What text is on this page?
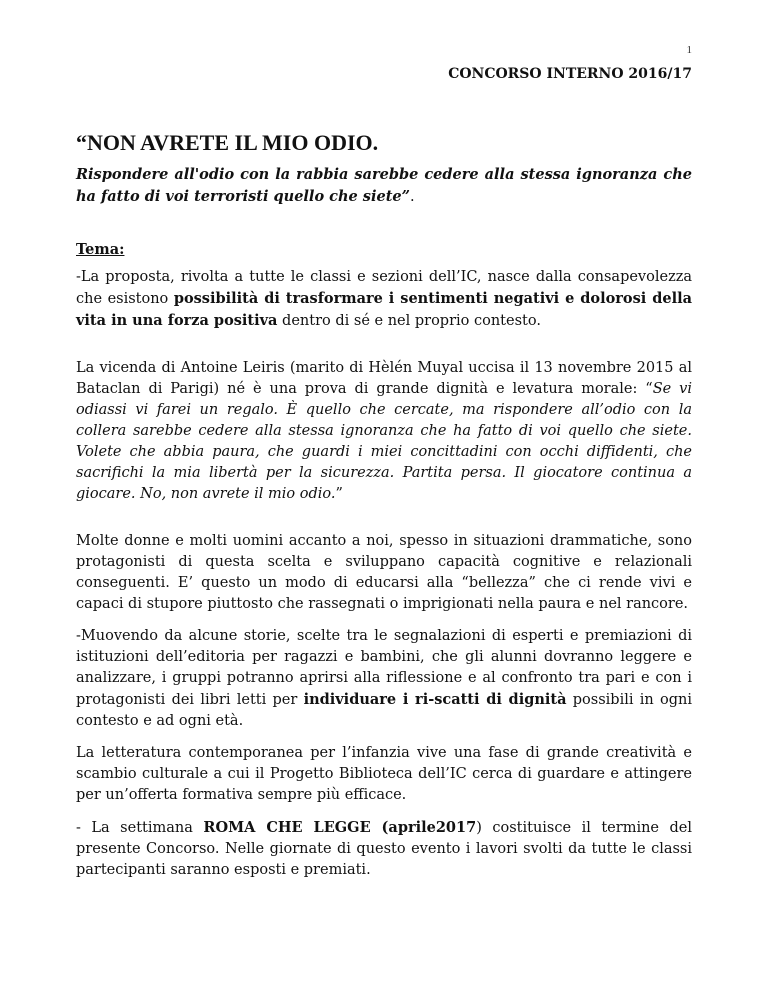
1
CONCORSO INTERNO 2016/17
“NON AVRETE IL MIO ODIO.
Rispondere all'odio con la rabbia sarebbe cedere alla stessa ignoranza che ha fatto di voi terroristi quello che siete”.
Tema:

-La proposta, rivolta a tutte le classi e sezioni dell’IC, nasce dalla consapevolezza che esistono possibilità di trasformare i sentimenti negativi e dolorosi della vita in una forza positiva dentro di sé e nel proprio contesto.

La vicenda di Antoine Leiris (marito di Hèlén Muyal uccisa il 13 novembre 2015 al Bataclan di Parigi) né è una prova di grande dignità e levatura morale: “Se vi odiassi vi farei un regalo. È quello che cercate, ma rispondere all’odio con la collera sarebbe cedere alla stessa ignoranza che ha fatto di voi quello che siete. Volete che abbia paura, che guardi i miei concittadini con occhi diffidenti, che sacrifichi la mia libertà per la sicurezza. Partita persa. Il giocatore continua a giocare. No, non avrete il mio odio.”

Molte donne e molti uomini accanto a noi, spesso in situazioni drammatiche, sono protagonisti di questa scelta e sviluppano capacità cognitive e relazionali conseguenti. E’ questo un modo di educarsi alla “bellezza” che ci rende vivi e capaci di stupore piuttosto che rassegnati o imprigionati nella paura e nel rancore.

-Muovendo da alcune storie, scelte tra le segnalazioni di esperti e premiazioni di istituzioni dell’editoria per ragazzi e bambini, che gli alunni dovranno leggere e analizzare, i gruppi potranno aprirsi alla riflessione e al confronto tra pari e con i protagonisti dei libri letti per individuare i ri-scatti di dignità possibili in ogni contesto e ad ogni età.

La letteratura contemporanea per l’infanzia vive una fase di grande creatività e scambio culturale a cui il Progetto Biblioteca dell’IC cerca di guardare e attingere per un’offerta formativa sempre più efficace.

- La settimana ROMA CHE LEGGE (aprile2017) costituisce il termine del presente Concorso. Nelle giornate di questo evento i lavori svolti da tutte le classi partecipanti saranno esposti e premiati.
